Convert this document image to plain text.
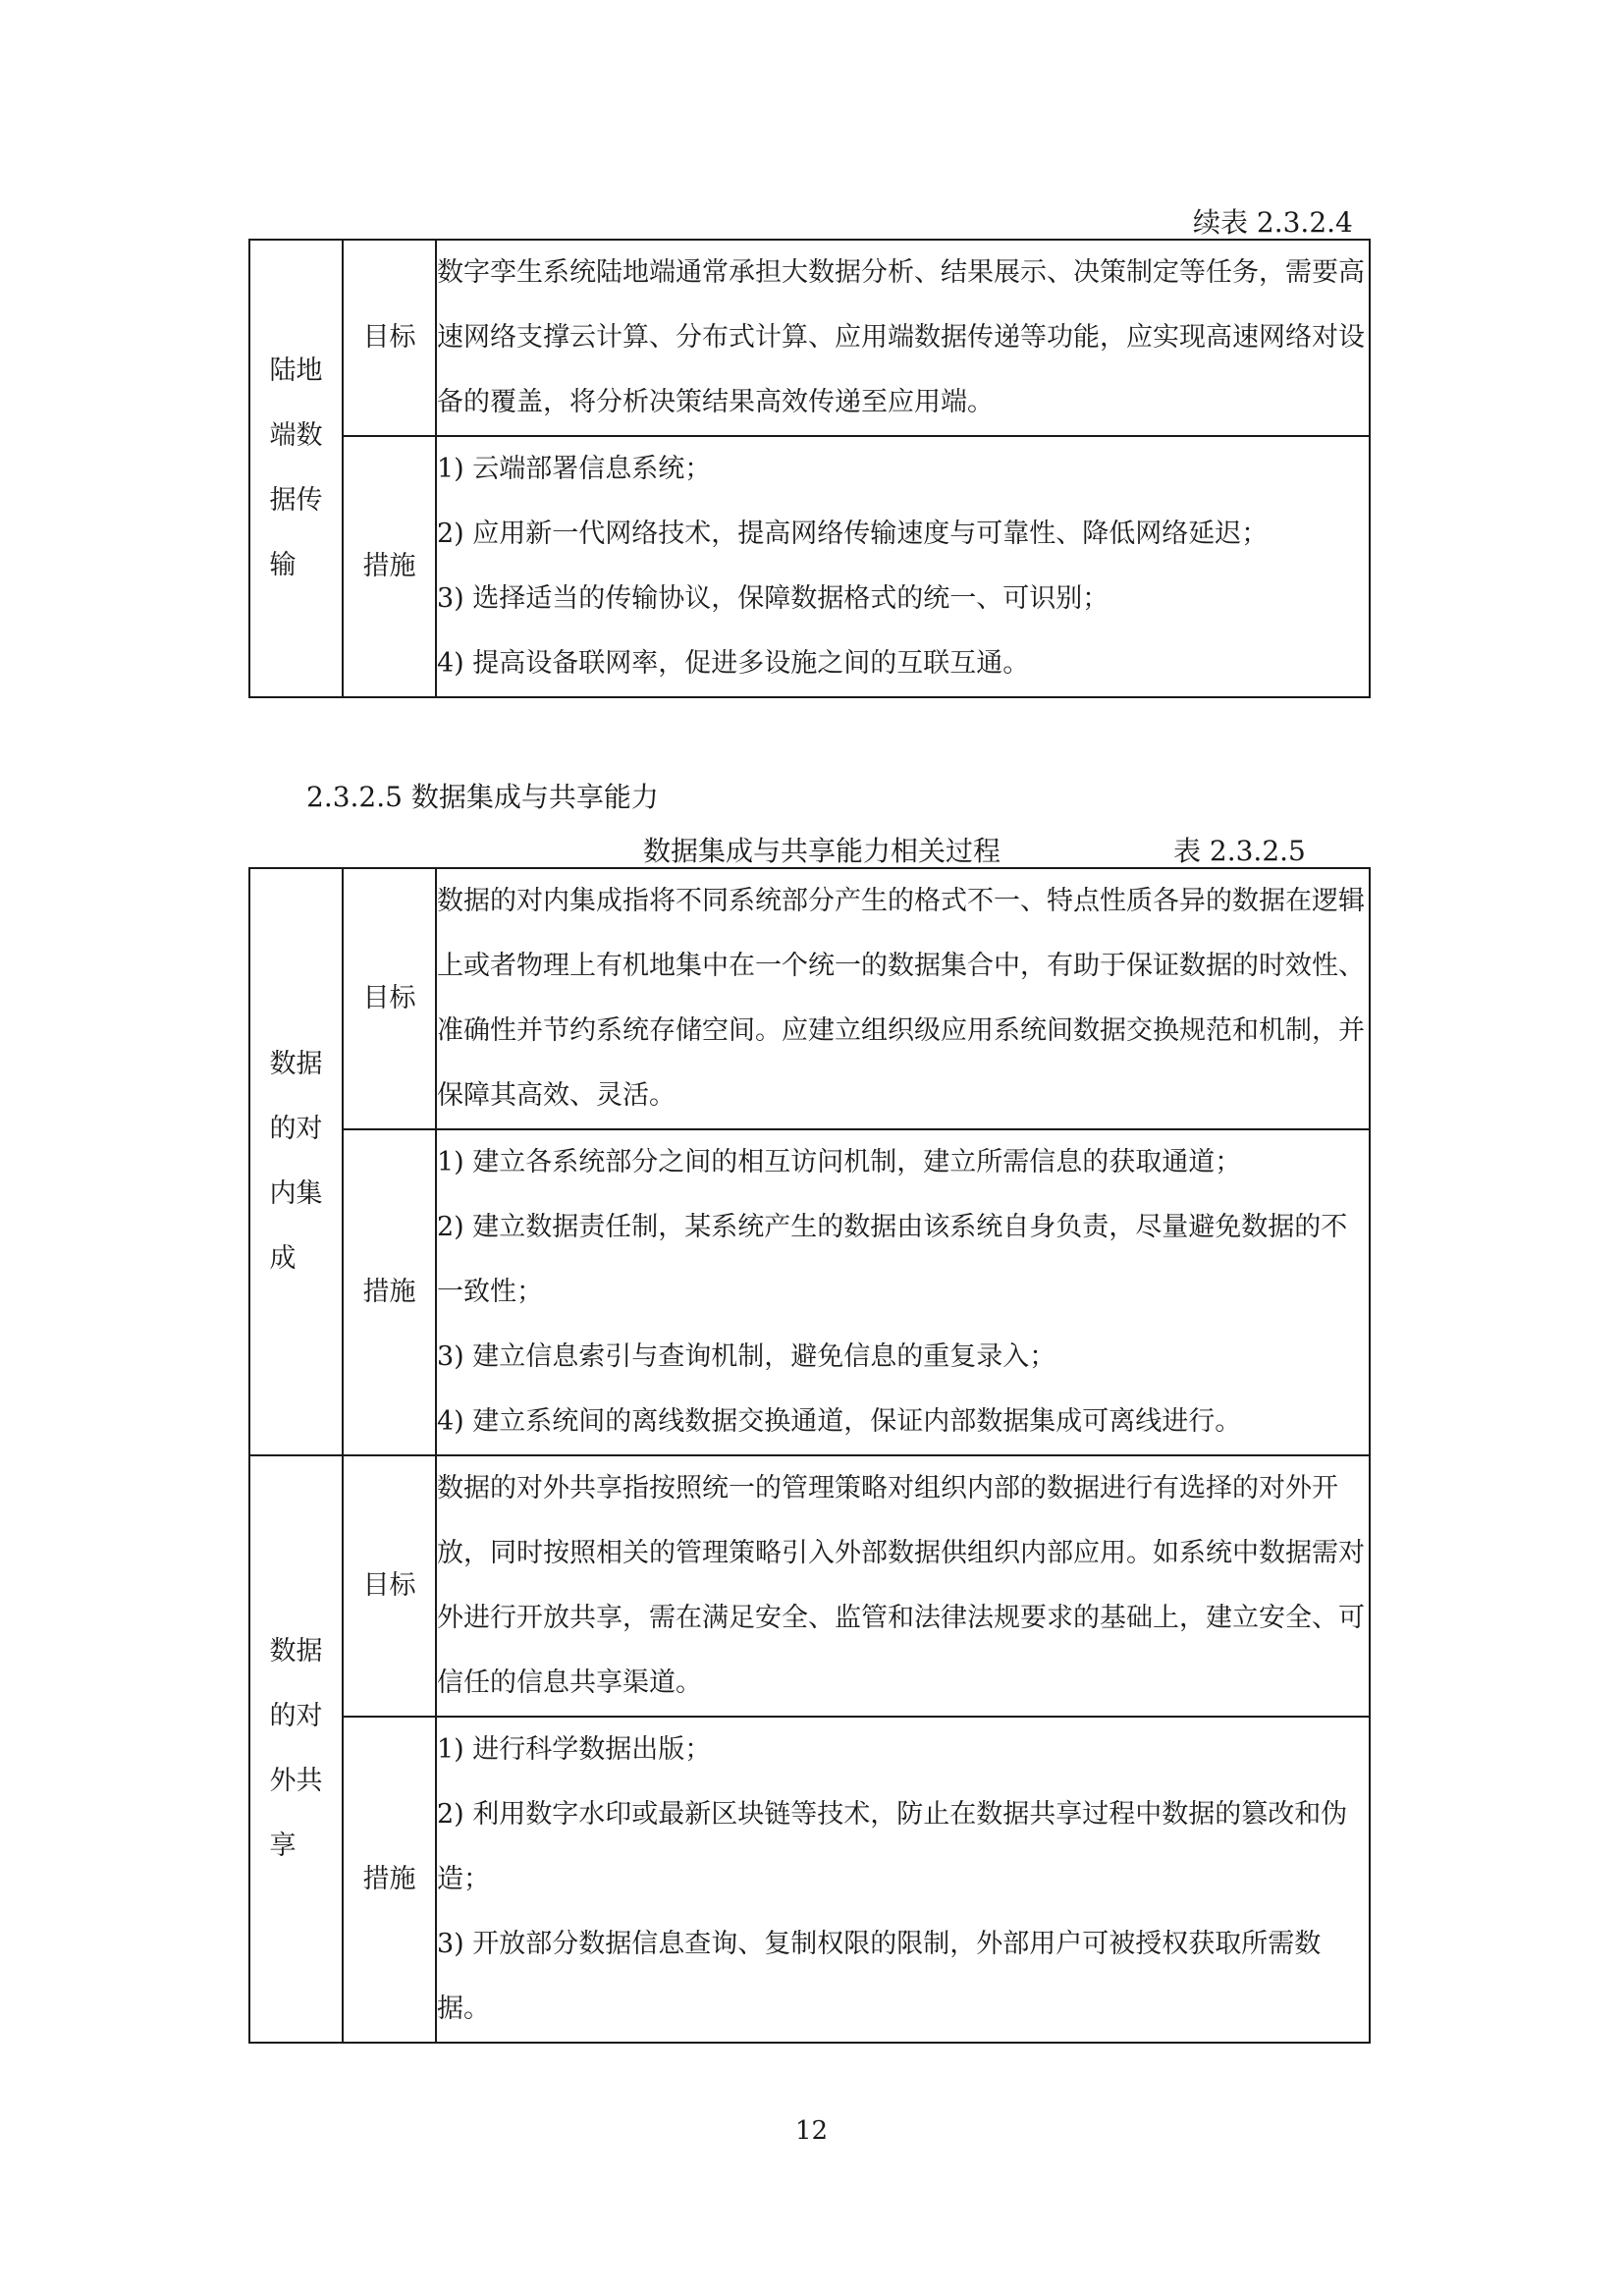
续表 2.3.2.4
陆地端数据传输	目标	数字孪生系统陆地端通常承担大数据分析、结果展示、决策制定等任务，需要高速网络支撑云计算、分布式计算、应用端数据传递等功能，应实现高速网络对设备的覆盖，将分析决策结果高效传递至应用端。

	措施	1) 云端部署信息系统；
2) 应用新一代网络技术，提高网络传输速度与可靠性、降低网络延迟；
3) 选择适当的传输协议，保障数据格式的统一、可识别；
4) 提高设备联网率，促进多设施之间的互联互通。
2.3.2.5 数据集成与共享能力
数据集成与共享能力相关过程	表 2.3.2.5
数据的对内集成	目标	数据的对内集成指将不同系统部分产生的格式不一、特点性质各异的数据在逻辑上或者物理上有机地集中在一个统一的数据集合中，有助于保证数据的时效性、准确性并节约系统存储空间。应建立组织级应用系统间数据交换规范和机制，并保障其高效、灵活。

	措施	1) 建立各系统部分之间的相互访问机制，建立所需信息的获取通道；
2) 建立数据责任制，某系统产生的数据由该系统自身负责，尽量避免数据的不一致性；
3) 建立信息索引与查询机制，避免信息的重复录入；
4) 建立系统间的离线数据交换通道，保证内部数据集成可离线进行。

数据的对外共享	目标	数据的对外共享指按照统一的管理策略对组织内部的数据进行有选择的对外开放，同时按照相关的管理策略引入外部数据供组织内部应用。如系统中数据需对外进行开放共享，需在满足安全、监管和法律法规要求的基础上，建立安全、可信任的信息共享渠道。

	措施	1) 进行科学数据出版；
2) 利用数字水印或最新区块链等技术，防止在数据共享过程中数据的篡改和伪造；
3) 开放部分数据信息查询、复制权限的限制，外部用户可被授权获取所需数据。
12
